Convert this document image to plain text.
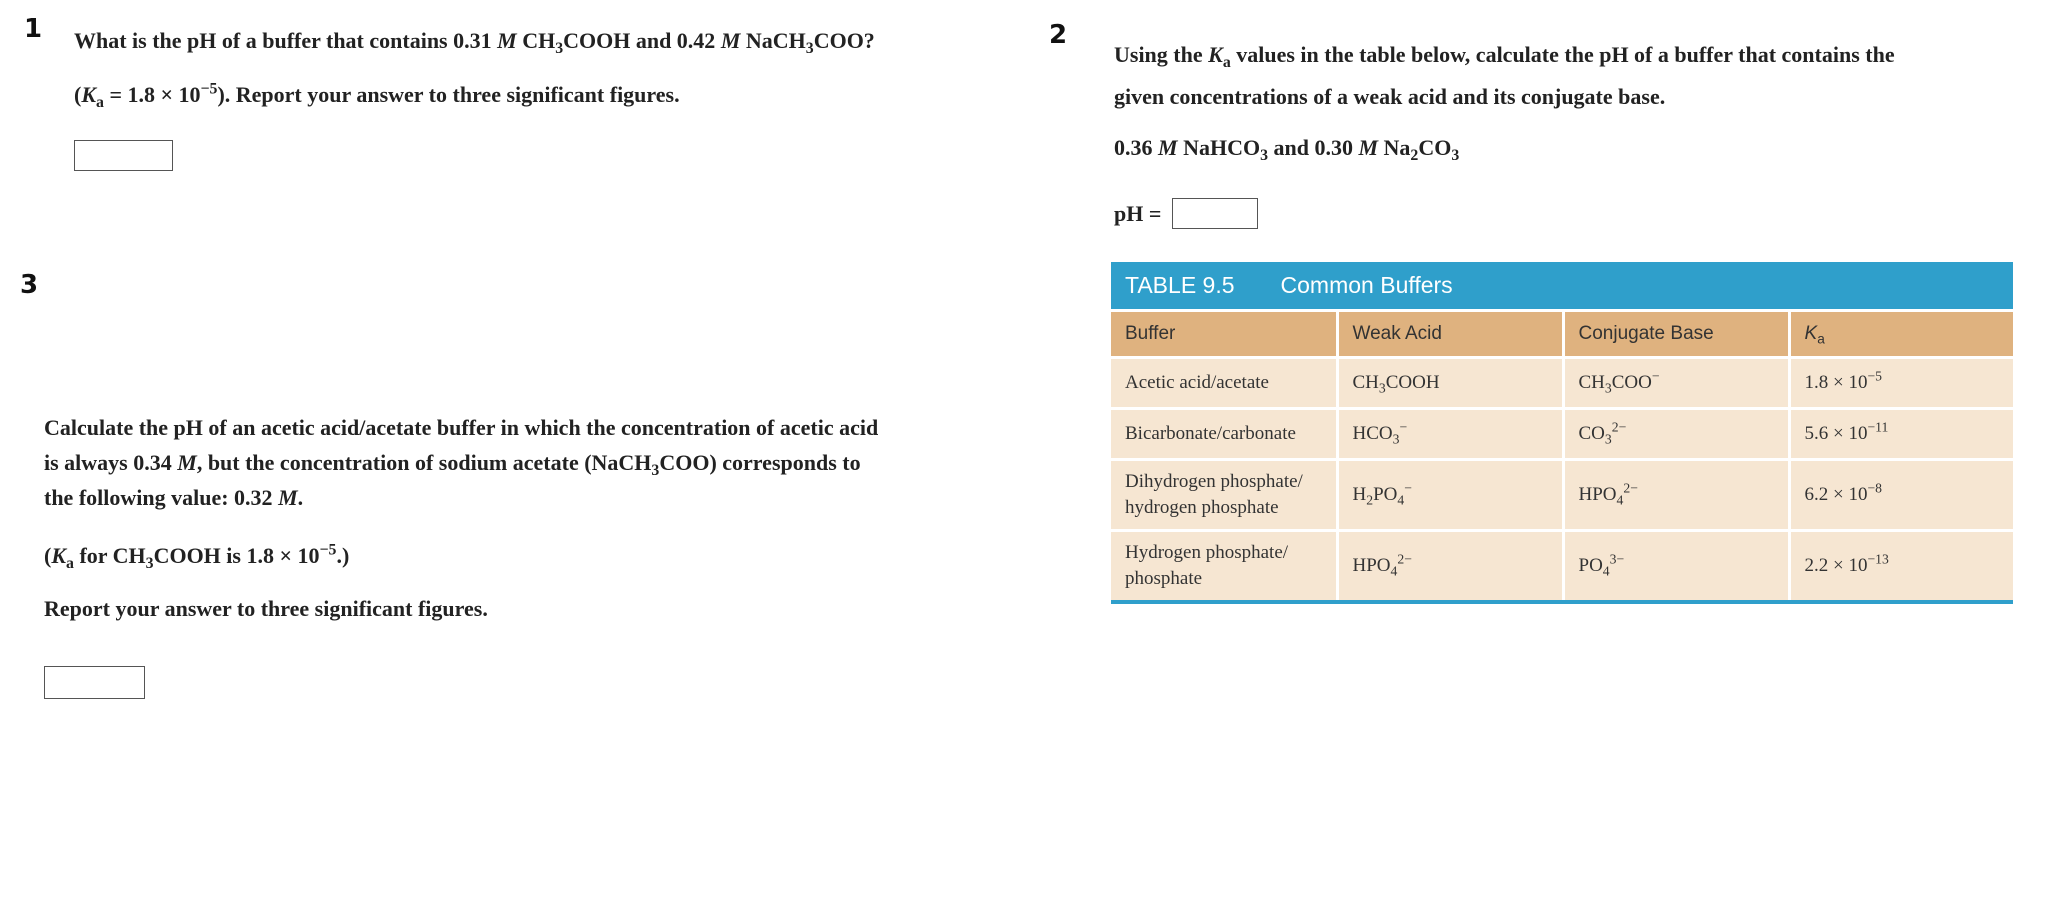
1 What is the pH of a buffer that contains 0.31 M $CH_3COOH$ and 0.42 M NaCH$_3$COO?
$(K_a = 1.8 \times 10^{-5})$. Report your answer to three significant figures.
2
Using the $K_a$ values in the table below, calculate the pH of a buffer that contains the
given concentrations of a weak acid and its conjugate base.
0.36 M NaHCO$_3$ and 0.30 M $Na_2CO_3$
pH =
TABLE 9.5 Common Buffers
Buffer	Weak Acid	Conjugate Base	$K_a$
Acetic acid/acetate	$CH_3COOH$	$CH_3COO^-$	$1.8 \times 10^{-5}$
Bicarbonate/carbonate	$HCO_3^-$	$CO_3^{2-}$	$5.6 \times 10^{-11}$

Dihydrogen phosphate/
hydrogen phosphate	$H_2PO_4^-$	$HPO_4^{2-}$	$6.2 \times 10^{-8}$

Hydrogen phosphate/
phosphate	$HPO_4^{2-}$	$PO_4^{3-}$	$2.2 \times 10^{-13}$
3
Calculate the pH of an acetic acid/acetate buffer in which the concentration of acetic acid
is always 0.34 M, but the concentration of sodium acetate (NaCH$_3$COO) corresponds to
the following value: 0.32 M.
($K_a$ for $CH_3COOH$ is $1.8 \times 10^{-5}$.)
Report your answer to three significant figures.
